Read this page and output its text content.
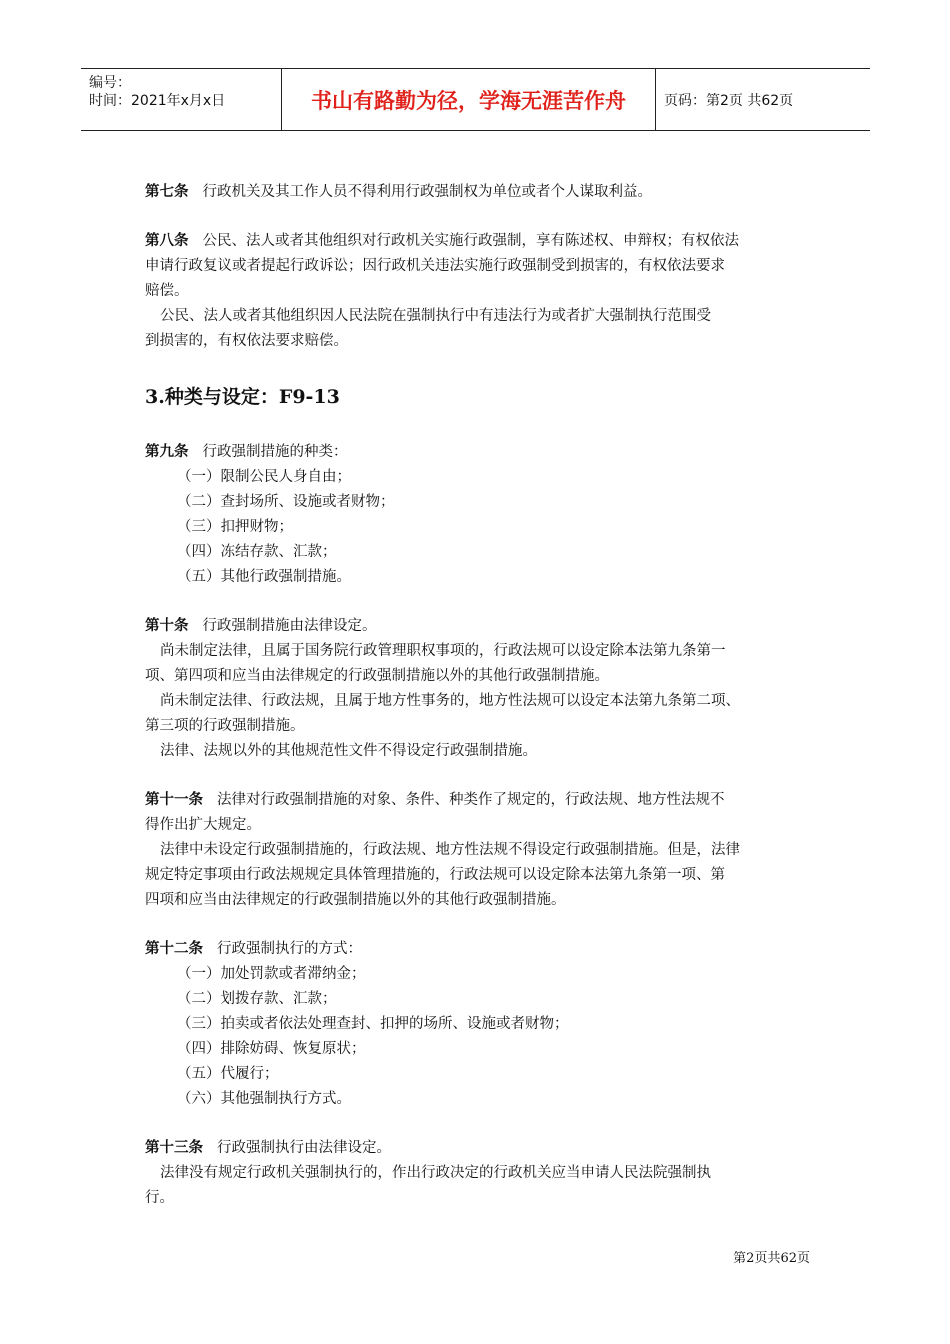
编号：
时间：2021年x月x日	书山有路勤为径，学海无涯苦作舟	页码：第2页 共62页
第七条 行政机关及其工作人员不得利用行政强制权为单位或者个人谋取利益。
第八条 公民、法人或者其他组织对行政机关实施行政强制，享有陈述权、申辩权；有权依法
申请行政复议或者提起行政诉讼；因行政机关违法实施行政强制受到损害的，有权依法要求
赔偿。
公民、法人或者其他组织因人民法院在强制执行中有违法行为或者扩大强制执行范围受
到损害的，有权依法要求赔偿。
3.种类与设定：F9-13
第九条 行政强制措施的种类：
（一）限制公民人身自由；
（二）查封场所、设施或者财物；
（三）扣押财物；
（四）冻结存款、汇款；
（五）其他行政强制措施。
第十条 行政强制措施由法律设定。
尚未制定法律，且属于国务院行政管理职权事项的，行政法规可以设定除本法第九条第一
项、第四项和应当由法律规定的行政强制措施以外的其他行政强制措施。
尚未制定法律、行政法规，且属于地方性事务的，地方性法规可以设定本法第九条第二项、
第三项的行政强制措施。
法律、法规以外的其他规范性文件不得设定行政强制措施。
第十一条 法律对行政强制措施的对象、条件、种类作了规定的，行政法规、地方性法规不
得作出扩大规定。
法律中未设定行政强制措施的，行政法规、地方性法规不得设定行政强制措施。但是，法律
规定特定事项由行政法规规定具体管理措施的，行政法规可以设定除本法第九条第一项、第
四项和应当由法律规定的行政强制措施以外的其他行政强制措施。
第十二条 行政强制执行的方式：
（一）加处罚款或者滞纳金；
（二）划拨存款、汇款；
（三）拍卖或者依法处理查封、扣押的场所、设施或者财物；
（四）排除妨碍、恢复原状；
（五）代履行；
（六）其他强制执行方式。
第十三条 行政强制执行由法律设定。
法律没有规定行政机关强制执行的，作出行政决定的行政机关应当申请人民法院强制执
行。
第2页共62页
